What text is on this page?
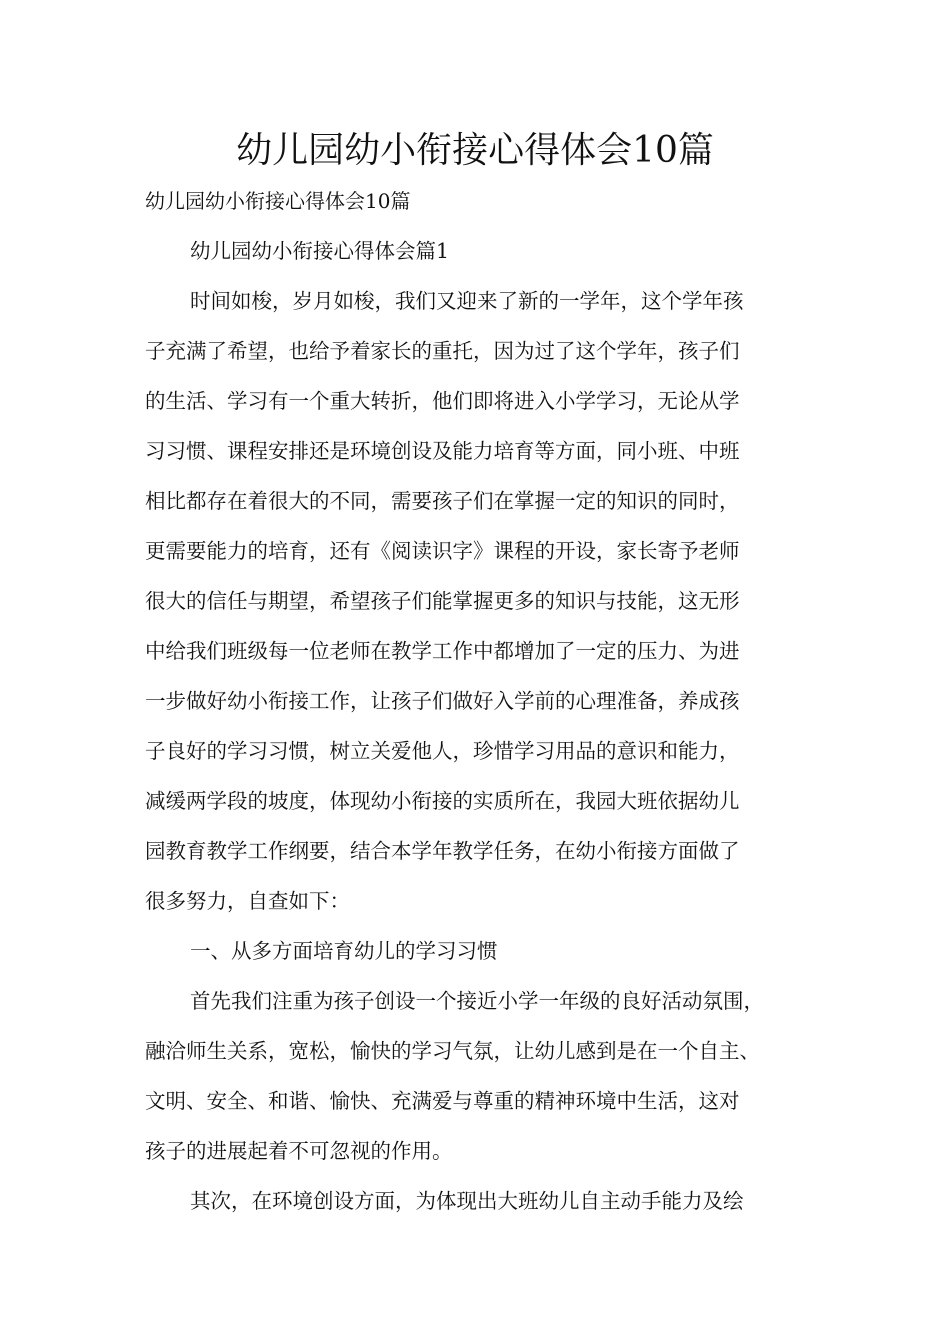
幼儿园幼小衔接心得体会10篇

幼儿园幼小衔接心得体会10篇

幼儿园幼小衔接心得体会篇1

时间如梭，岁月如梭，我们又迎来了新的一学年，这个学年孩

子充满了希望，也给予着家长的重托，因为过了这个学年，孩子们

的生活、学习有一个重大转折，他们即将进入小学学习，无论从学

习习惯、课程安排还是环境创设及能力培育等方面，同小班、中班

相比都存在着很大的不同，需要孩子们在掌握一定的知识的同时，

更需要能力的培育，还有《阅读识字》课程的开设，家长寄予老师

很大的信任与期望，希望孩子们能掌握更多的知识与技能，这无形

中给我们班级每一位老师在教学工作中都增加了一定的压力、为进

一步做好幼小衔接工作，让孩子们做好入学前的心理准备，养成孩

子良好的学习习惯，树立关爱他人，珍惜学习用品的意识和能力，

减缓两学段的坡度，体现幼小衔接的实质所在，我园大班依据幼儿

园教育教学工作纲要，结合本学年教学任务，在幼小衔接方面做了

很多努力，自查如下：

一、从多方面培育幼儿的学习习惯

首先我们注重为孩子创设一个接近小学一年级的良好活动氛围，

融洽师生关系，宽松，愉快的学习气氛，让幼儿感到是在一个自主、

文明、安全、和谐、愉快、充满爱与尊重的精神环境中生活，这对

孩子的进展起着不可忽视的作用。

其次，在环境创设方面，为体现出大班幼儿自主动手能力及绘
